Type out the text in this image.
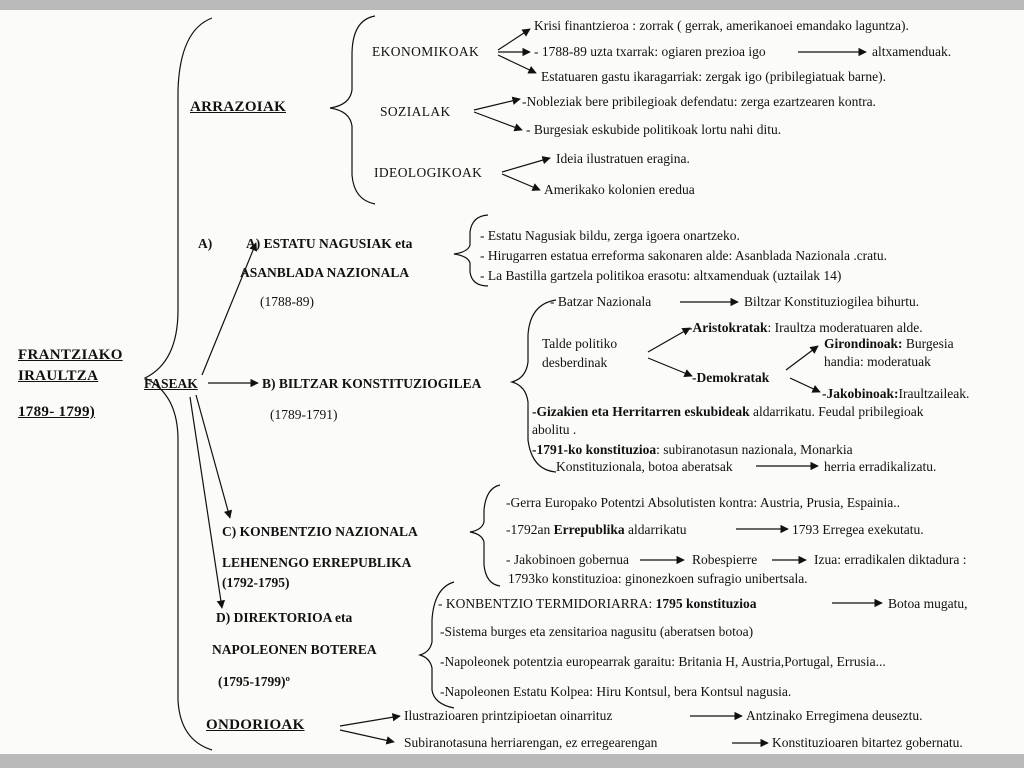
FRANTZIAKO
IRAULTZA
1789- 1799)
ARRAZOIAK
EKONOMIKOAK
Krisi finantzieroa : zorrak ( gerrak, amerikanoei emandako laguntza).
- 1788-89 uzta txarrak: ogiaren prezioa igo	altxamenduak.
Estatuaren gastu ikaragarriak: zergak igo (pribilegiatuak barne).
SOZIALAK
-Nobleziak bere pribilegioak defendatu: zerga ezartzearen kontra.
- Burgesiak eskubide politikoak lortu nahi ditu.
IDEOLOGIKOAK
Ideia ilustratuen eragina.
Amerikako kolonien eredua
FASEAK
A)	A) ESTATU NAGUSIAK eta
ASANBLADA NAZIONALA
(1788-89)
- Estatu Nagusiak bildu, zerga igoera onartzeko.
- Hirugarren estatua erreforma sakonaren alde: Asanblada Nazionala .cratu.
- La Bastilla gartzela politikoa erasotu: altxamenduak (uztailak 14)
B) BILTZAR KONSTITUZIOGILEA
(1789-1791)
- Batzar Nazionala	Biltzar Konstituziogilea bihurtu.
Talde politiko
desberdinak
-Aristokratak: Iraultza moderatuaren alde.
-Demokratak
Girondinoak: Burgesia
handia: moderatuak
-Jakobinoak:Iraultzaileak.
-Gizakien eta Herritarren eskubideak aldarrikatu. Feudal pribilegioak
abolitu .
-1791-ko konstituzioa: subiranotasun nazionala, Monarkia
Konstituzionala, botoa aberatsak	herria erradikalizatu.
C) KONBENTZIO NAZIONALA
LEHENENGO ERREPUBLIKA
(1792-1795)
-Gerra Europako Potentzi Absolutisten kontra: Austria, Prusia, Espainia..
-1792an Errepublika aldarrikatu	1793 Erregea exekutatu.
- Jakobinoen gobernua	Robespierre	Izua: erradikalen diktadura :
1793ko konstituzioa: ginonezkoen sufragio unibertsala.
D) DIREKTORIOA eta
NAPOLEONEN BOTEREA
(1795-1799)º
- KONBENTZIO TERMIDORIARRA: 1795 konstituzioa	Botoa mugatu,
-Sistema burges eta zensitarioa nagusitu (aberatsen botoa)
-Napoleonek potentzia europearrak garaitu: Britania H, Austria,Portugal, Errusia...
-Napoleonen Estatu Kolpea: Hiru Kontsul, bera Kontsul nagusia.
ONDORIOAK
Ilustrazioaren printzipioetan oinarrituz	Antzinako Erregimena deuseztu.
Subiranotasuna herriarengan, ez erregearengan	Konstituzioaren bitartez gobernatu.
